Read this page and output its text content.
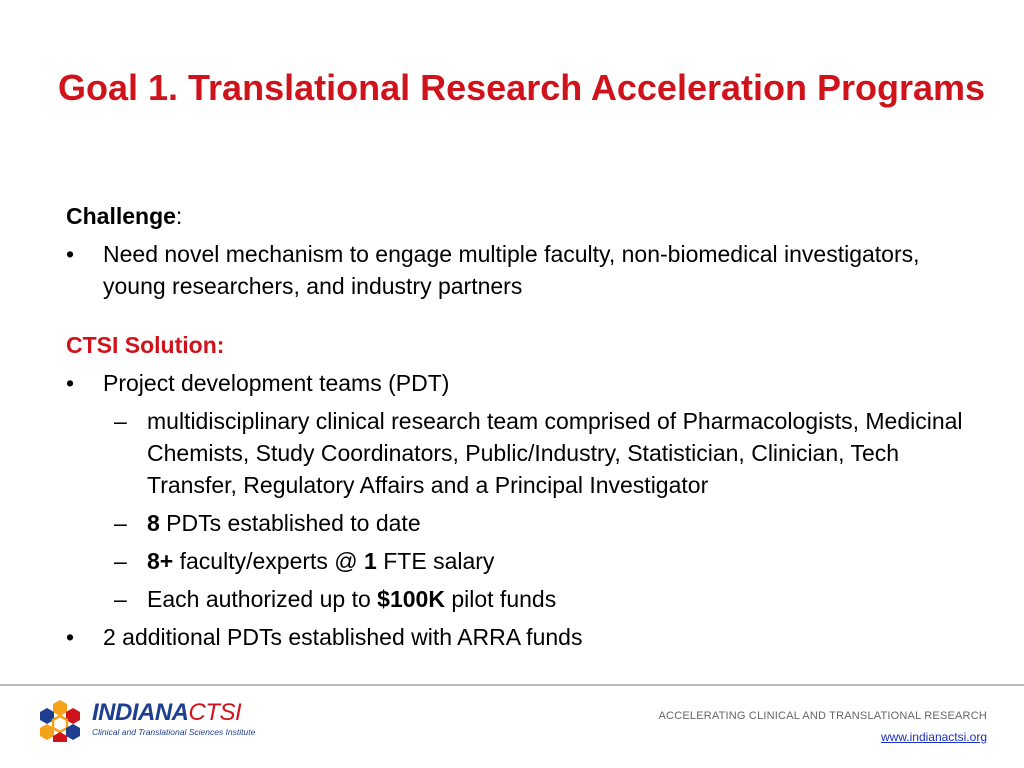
Goal 1. Translational Research Acceleration Programs

Challenge:

• Need novel mechanism to engage multiple faculty, non-biomedical investigators, young researchers, and industry partners

CTSI Solution:

• Project development teams (PDT)

– multidisciplinary clinical research team comprised of Pharmacologists, Medicinal Chemists, Study Coordinators, Public/Industry, Statistician, Clinician, Tech Transfer, Regulatory Affairs and a Principal Investigator

– 8 PDTs established to date

– 8+ faculty/experts @ 1 FTE salary

– Each authorized up to $100K pilot funds

• 2 additional PDTs established with ARRA funds

INDIANACTSI
Clinical and Translational Sciences Institute
ACCELERATING CLINICAL AND TRANSLATIONAL RESEARCH
www.indianactsi.org
